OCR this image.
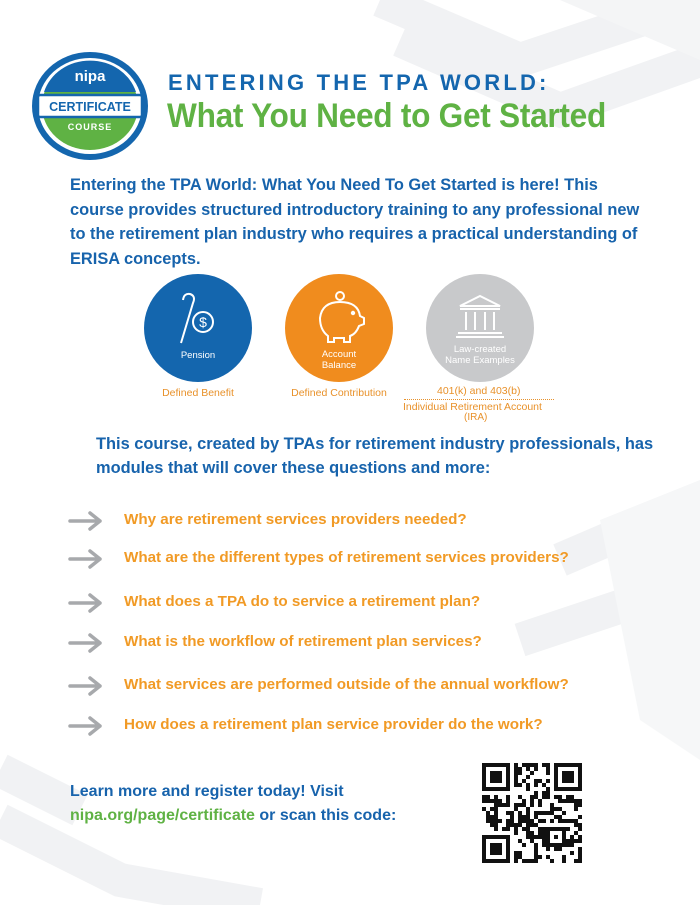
nipa
CERTIFICATE
COURSE
ENTERING THE TPA WORLD:
What You Need to Get Started

Entering the TPA World: What You Need To Get Started is here! This course provides structured introductory training to any professional new to the retirement plan industry who requires a practical understanding of ERISA concepts.

$
Pension	Account
Balance
Law-created
Name Examples
Defined Benefit	Defined Contribution	401(k) and 403(b)
Individual Retirement Account
(IRA)

This course, created by TPAs for retirement industry professionals, has modules that will cover these questions and more:

Why are retirement services providers needed?
What are the different types of retirement services providers?
What does a TPA do to service a retirement plan?
What is the workflow of retirement plan services?
What services are performed outside of the annual workflow?
How does a retirement plan service provider do the work?
Learn more and register today! Visit
nipa.org/page/certificate or scan this code:
